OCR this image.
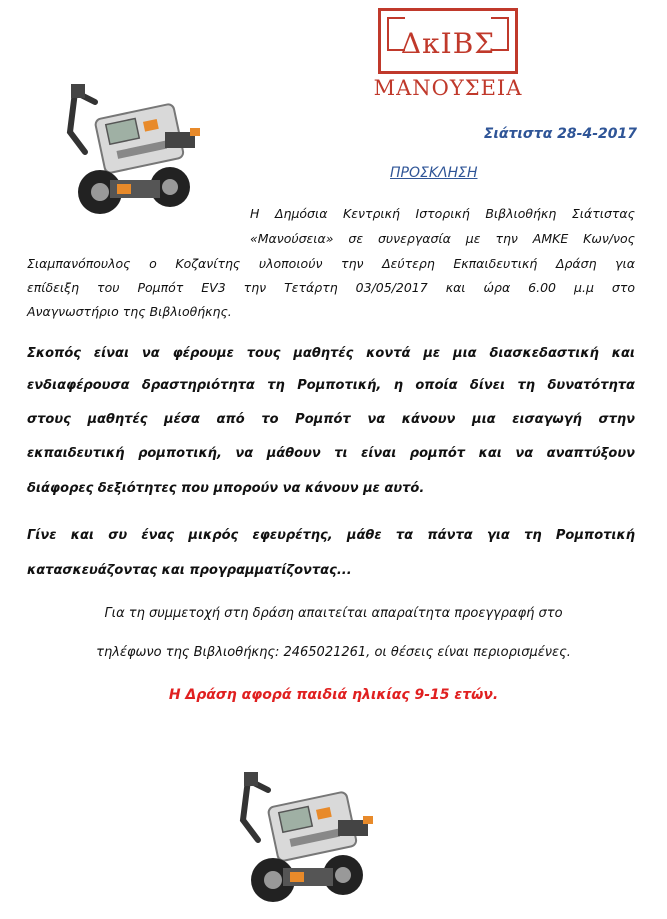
ΔκΙΒΣ
ΜΑΝΟΥΣΕΙΑ
Σιάτιστα 28-4-2017
ΠΡΟΣΚΛΗΣΗ
Η Δημόσια Κεντρική Ιστορική Βιβλιοθήκη Σιάτιστας
«Μανούσεια» σε συνεργασία με την ΑΜΚΕ Κων/νος
Σιαμπανόπουλος ο Κοζανίτης υλοποιούν την Δεύτερη Εκπαιδευτική Δράση για
επίδειξη του Ρομπότ EV3 την Τετάρτη 03/05/2017 και ώρα 6.00 μ.μ στο
Αναγνωστήριο της Βιβλιοθήκης.
Σκοπός είναι να φέρουμε τους μαθητές κοντά με μια διασκεδαστική και
ενδιαφέρουσα δραστηριότητα τη Ρομποτική, η οποία δίνει τη δυνατότητα
στους μαθητές μέσα από το Ρομπότ να κάνουν μια εισαγωγή στην
εκπαιδευτική ρομποτική, να μάθουν τι είναι ρομπότ και να αναπτύξουν
διάφορες δεξιότητες που μπορούν να κάνουν με αυτό.
Γίνε και συ ένας μικρός εφευρέτης, μάθε τα πάντα για τη Ρομποτική
κατασκευάζοντας και προγραμματίζοντας...
Για τη συμμετοχή στη δράση απαιτείται απαραίτητα προεγγραφή στο
τηλέφωνο της Βιβλιοθήκης: 2465021261, οι θέσεις είναι περιορισμένες.
Η Δράση αφορά παιδιά ηλικίας 9-15 ετών.
